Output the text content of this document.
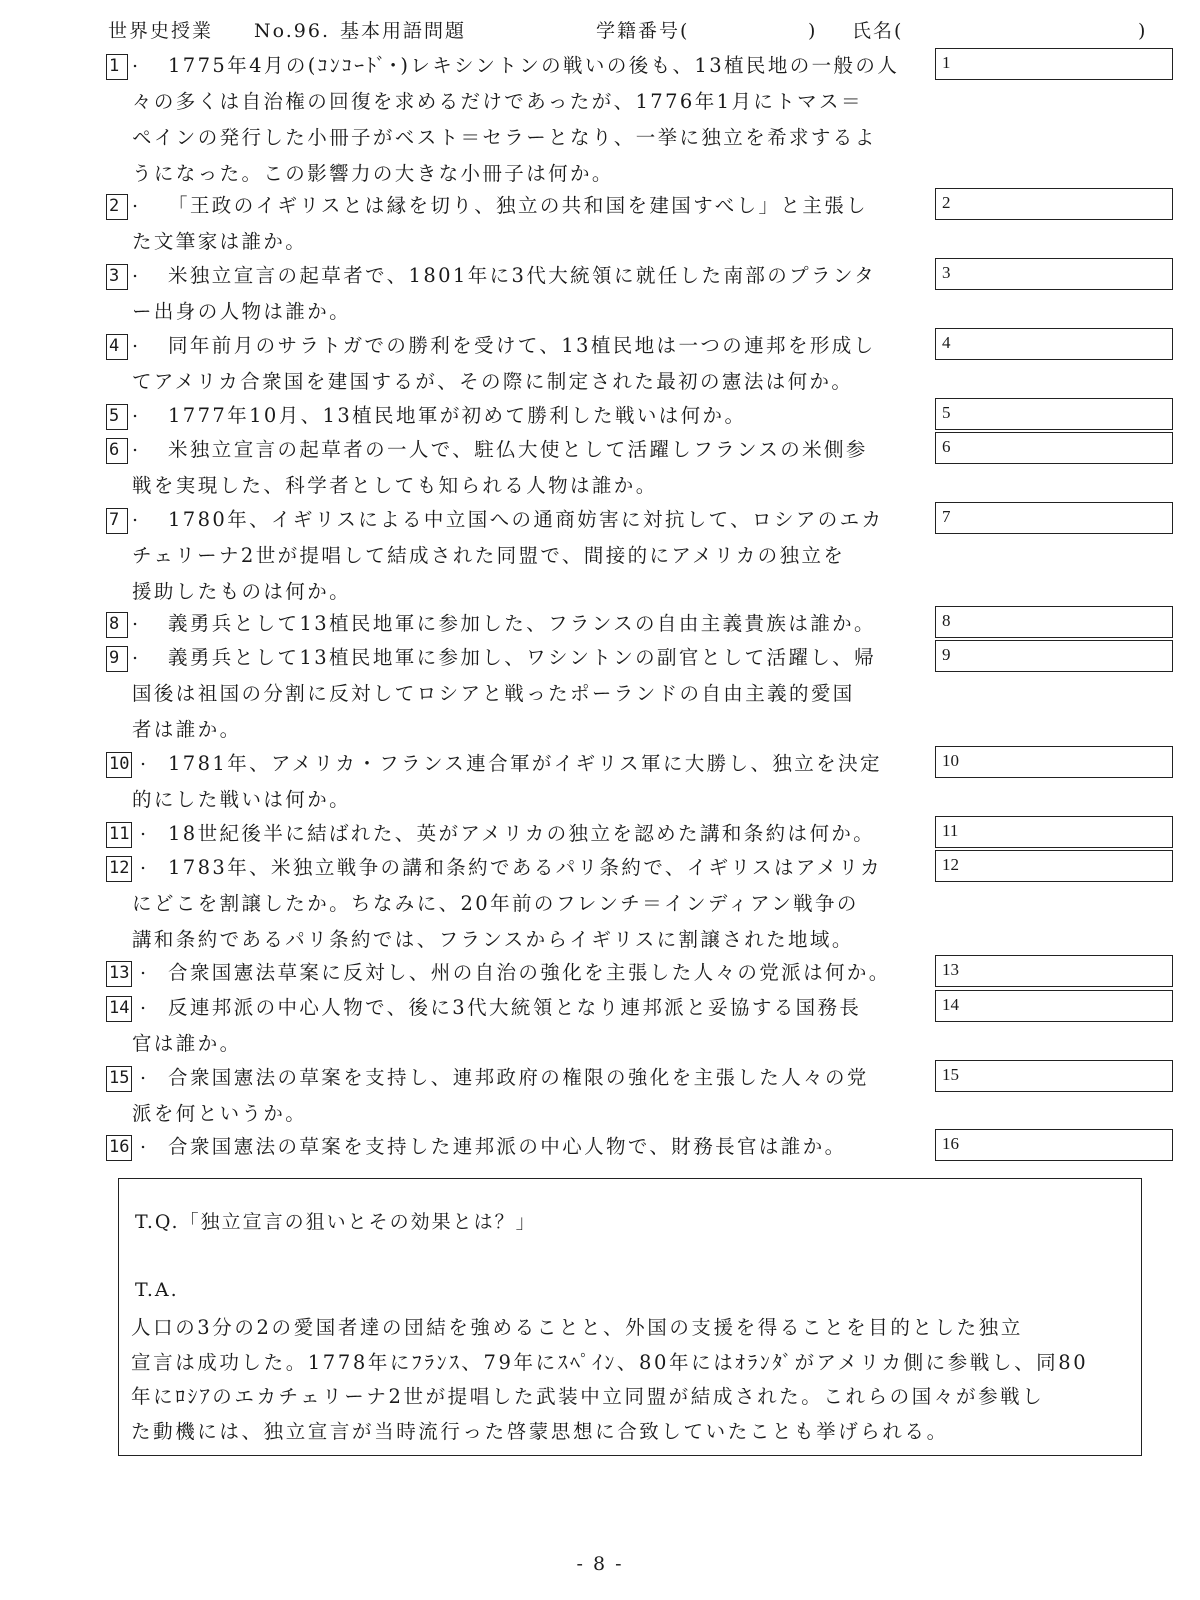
世界史授業 No.96. 基本用語問題	学籍番号(	) 氏名(	)
1 . 1775年4月の(ｺﾝｺｰﾄﾞ･)レキシントンの戦いの後も、13植民地の一般の人
々の多くは自治権の回復を求めるだけであったが、1776年1月にトマス＝
ペインの発行した小冊子がベスト＝セラーとなり、一挙に独立を希求するよ
うになった。この影響力の大きな小冊子は何か。
1
2 . 「王政のイギリスとは縁を切り、独立の共和国を建国すべし」と主張し
た文筆家は誰か。
2
3 . 米独立宣言の起草者で、1801年に3代大統領に就任した南部のプランタ
ー出身の人物は誰か。
3
4 . 同年前月のサラトガでの勝利を受けて、13植民地は一つの連邦を形成し
てアメリカ合衆国を建国するが、その際に制定された最初の憲法は何か。
4
5 . 1777年10月、13植民地軍が初めて勝利した戦いは何か。	5
6 . 米独立宣言の起草者の一人で、駐仏大使として活躍しフランスの米側参
戦を実現した、科学者としても知られる人物は誰か。
6
7 . 1780年、イギリスによる中立国への通商妨害に対抗して、ロシアのエカ
チェリーナ2世が提唱して結成された同盟で、間接的にアメリカの独立を
援助したものは何か。
7
8 . 義勇兵として13植民地軍に参加した、フランスの自由主義貴族は誰か。	8
9 . 義勇兵として13植民地軍に参加し、ワシントンの副官として活躍し、帰
国後は祖国の分割に反対してロシアと戦ったポーランドの自由主義的愛国
者は誰か。
9
10 . 1781年、アメリカ・フランス連合軍がイギリス軍に大勝し、独立を決定
的にした戦いは何か。
10
11 . 18世紀後半に結ばれた、英がアメリカの独立を認めた講和条約は何か。	11
12 . 1783年、米独立戦争の講和条約であるパリ条約で、イギリスはアメリカ
にどこを割譲したか。ちなみに、20年前のフレンチ＝インディアン戦争の
講和条約であるパリ条約では、フランスからイギリスに割譲された地域。
12
13 . 合衆国憲法草案に反対し、州の自治の強化を主張した人々の党派は何か。	13
14 . 反連邦派の中心人物で、後に3代大統領となり連邦派と妥協する国務長
官は誰か。
14
15 . 合衆国憲法の草案を支持し、連邦政府の権限の強化を主張した人々の党
派を何というか。
15
16 . 合衆国憲法の草案を支持した連邦派の中心人物で、財務長官は誰か。	16
T.Q.「独立宣言の狙いとその効果とは？」
T.A.
人口の3分の2の愛国者達の団結を強めることと、外国の支援を得ることを目的とした独立
宣言は成功した。1778年にﾌﾗﾝｽ、79年にｽﾍﾟｲﾝ、80年にはｵﾗﾝﾀﾞがアメリカ側に参戦し、同80
年にﾛｼｱのエカチェリーナ2世が提唱した武装中立同盟が結成された。これらの国々が参戦し
た動機には、独立宣言が当時流行った啓蒙思想に合致していたことも挙げられる。
- 8 -
